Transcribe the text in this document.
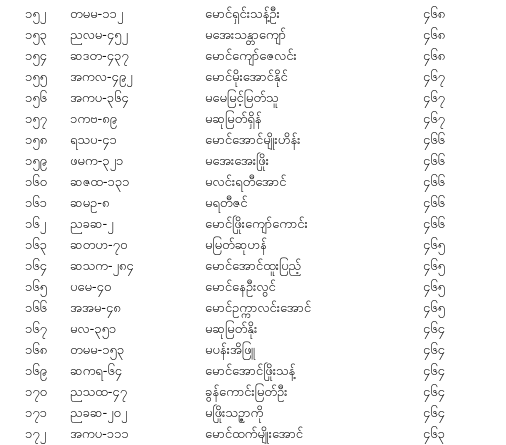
၁၅၂ တမမ-၁၁၂	မောင်ရှင်းသန့်ဦး	၄၆၈
၁၅၃ ညလမ-၄၅၂	မအေးသန္တာကျော်	၄၆၈
၁၅၄ ဆဒတ-၄၃၇	မောင်ကျော်ဇေလင်း	၄၆၈
၁၅၅ အကလ-၄၉၂	မောင်မိုးအောင်နိုင်	၄၆၇
၁၅၆ အကပ-၃၆၄	မမေမြင့်မြတ်သူ	၄၆၇
၁၅၇ ၁ကဗ-၈၉	မဆုမြတ်ရှိန်	၄၆၇
၁၅၈ ရသပ-၄၁	မောင်အောင်မျိုးဟိန်း	၄၆၆
၁၅၉ ဖမက-၃၂၁	မအေးအေးဖြိုး	၄၆၆
၁၆၀ ဆဇထ-၁၃၁	မလင်းရတီအောင်	၄၆၆
၁၆၁ ဆမဥ-၈	မရတီဇင်	၄၆၆
၁၆၂ ညခဆ-၂	မောင်ဖြိုးကျော်ကောင်း	၄၆၆
၁၆၃ ဆတဟ-၇၀	မမြတ်ဆုဟန်	၄၆၅
၁၆၄ ဆသက-၂၈၄	မောင်အောင်ထူးပြည့်	၄၆၅
၁၆၅ ပမေ-၄၀	မောင်နေဦးလွင်	၄၆၅
၁၆၆ အအမ-၄၈	မောင်ဥက္ကာလင်းအောင်	၄၆၅
၁၆၇ မလ-၃၅၁	မဆုမြတ်နိုး	၄၆၄
၁၆၈ တမမ-၁၅၃	မပန်းအိဖြူ	၄၆၄
၁၆၉ ဆကရ-၆၄	မောင်အောင်ဖြိုးသန့်	၄၆၄
၁၇၀ ညသထ-၄၇	ခွန်ကောင်းမြတ်ဦး	၄၆၄
၁၇၁ ညခဆ-၂၀၂	မဖြိုးသဥ္ဇာကို	၄၆၄
၁၇၂ အကပ-၁၁၁	မောင်ထက်မျိုးအောင်	၄၆၃
